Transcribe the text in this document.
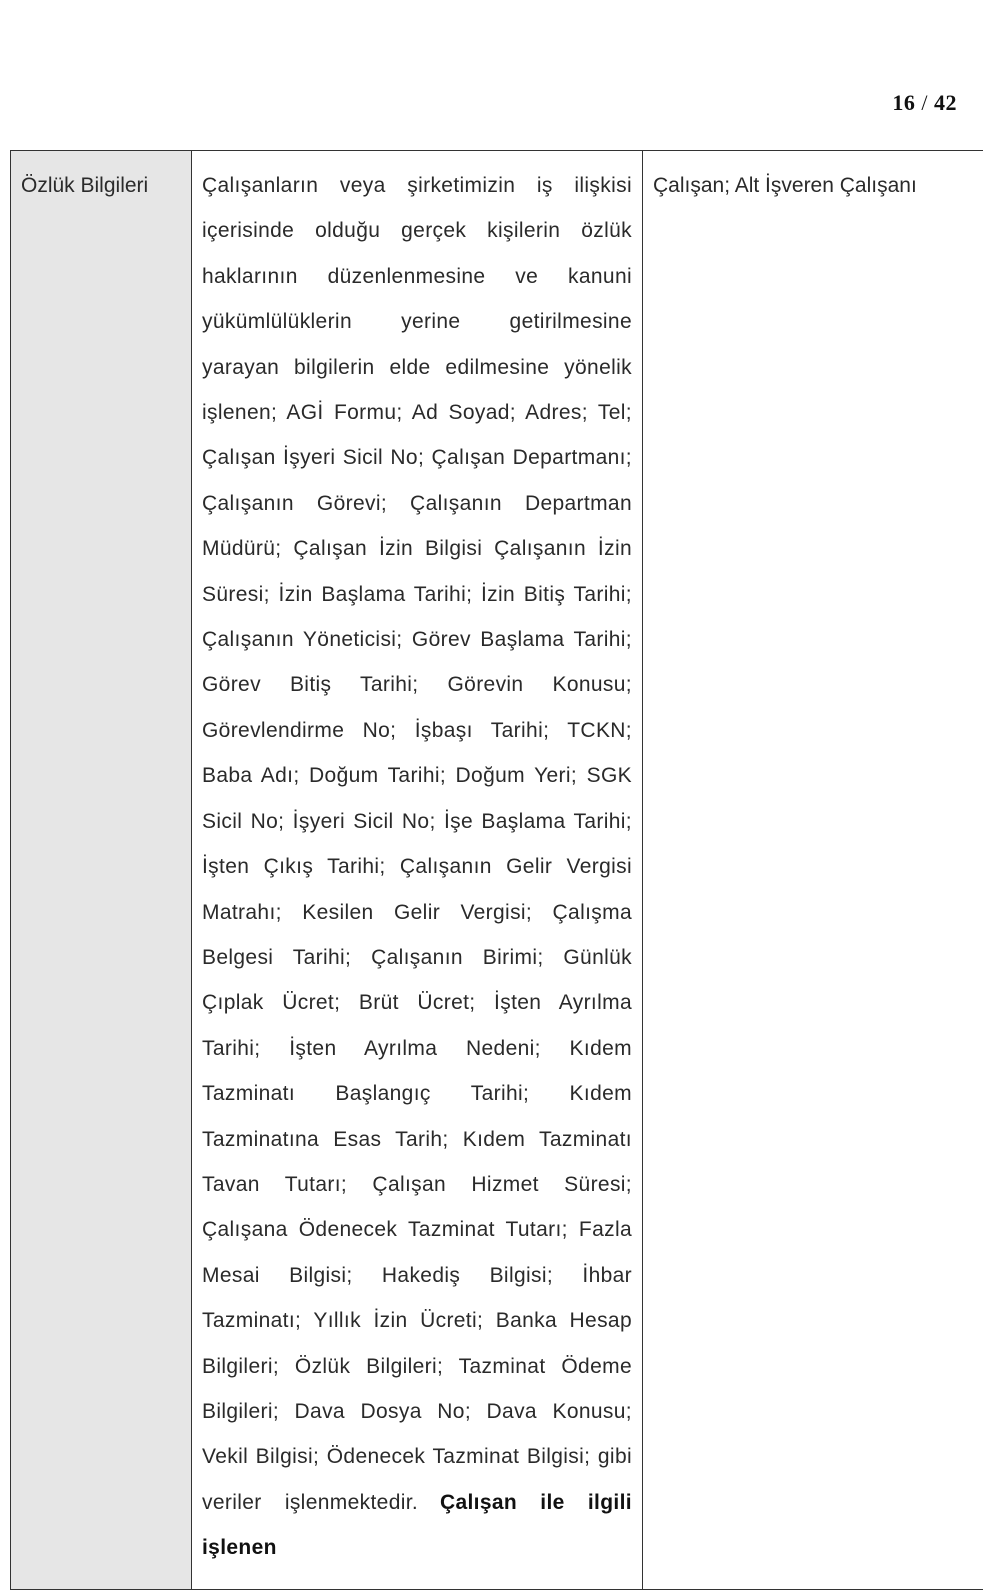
16 / 42
Özlük Bilgileri	Çalışanların veya şirketimizin iş ilişkisi içerisinde olduğu gerçek kişilerin özlük haklarının düzenlenmesine ve kanuni yükümlülüklerin yerine getirilmesine yarayan bilgilerin elde edilmesine yönelik işlenen; AGİ Formu; Ad Soyad; Adres; Tel; Çalışan İşyeri Sicil No; Çalışan Departmanı; Çalışanın Görevi; Çalışanın Departman Müdürü; Çalışan İzin Bilgisi Çalışanın İzin Süresi; İzin Başlama Tarihi; İzin Bitiş Tarihi; Çalışanın Yöneticisi; Görev Başlama Tarihi; Görev Bitiş Tarihi; Görevin Konusu; Görevlendirme No; İşbaşı Tarihi; TCKN; Baba Adı; Doğum Tarihi; Doğum Yeri; SGK Sicil No; İşyeri Sicil No; İşe Başlama Tarihi; İşten Çıkış Tarihi; Çalışanın Gelir Vergisi Matrahı; Kesilen Gelir Vergisi; Çalışma Belgesi Tarihi; Çalışanın Birimi; Günlük Çıplak Ücret; Brüt Ücret; İşten Ayrılma Tarihi; İşten Ayrılma Nedeni; Kıdem Tazminatı Başlangıç Tarihi; Kıdem Tazminatına Esas Tarih; Kıdem Tazminatı Tavan Tutarı; Çalışan Hizmet Süresi; Çalışana Ödenecek Tazminat Tutarı; Fazla Mesai Bilgisi; Hakediş Bilgisi; İhbar Tazminatı; Yıllık İzin Ücreti; Banka Hesap Bilgileri; Özlük Bilgileri; Tazminat Ödeme Bilgileri; Dava Dosya No; Dava Konusu; Vekil Bilgisi; Ödenecek Tazminat Bilgisi; gibi veriler işlenmektedir. Çalışan ile ilgili işlenen	Çalışan; Alt İşveren Çalışanı
